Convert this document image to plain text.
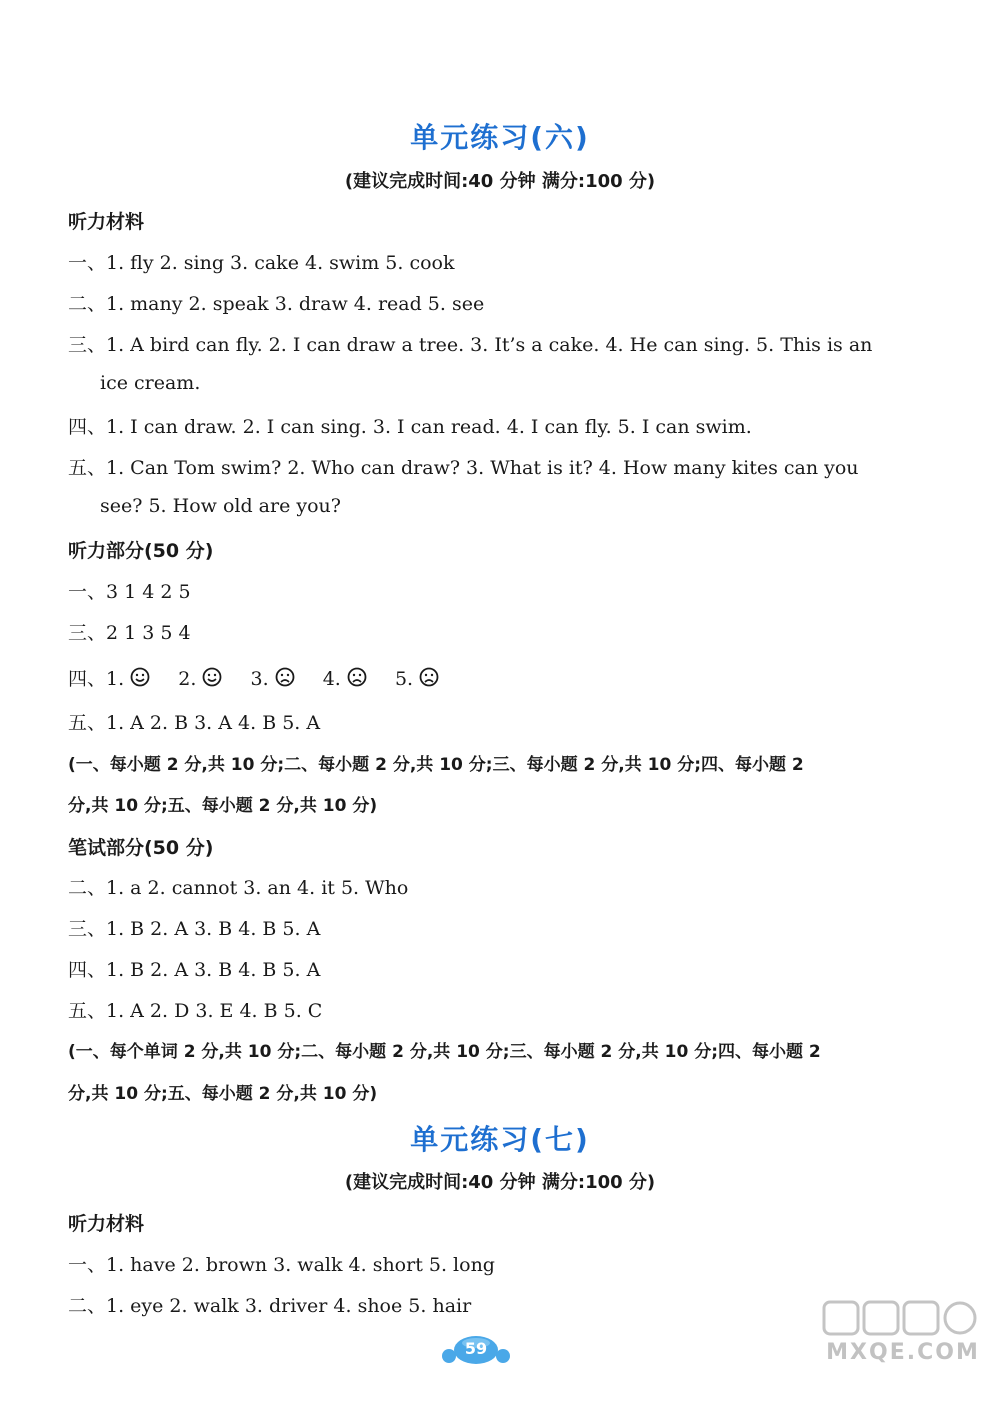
单元练习(六)
(建议完成时间:40 分钟 满分:100 分)
听力材料
一、1. fly 2. sing 3. cake 4. swim 5. cook
二、1. many 2. speak 3. draw 4. read 5. see
三、1. A bird can fly. 2. I can draw a tree. 3. It’s a cake. 4. He can sing. 5. This is an
ice cream.
四、1. I can draw. 2. I can sing. 3. I can read. 4. I can fly. 5. I can swim.
五、1. Can Tom swim? 2. Who can draw? 3. What is it? 4. How many kites can you
see? 5. How old are you?
听力部分(50 分)
一、3 1 4 2 5
三、2 1 3 5 4
四、1.	2.	3.	4.	5.
五、1. A 2. B 3. A 4. B 5. A
(一、每小题 2 分,共 10 分;二、每小题 2 分,共 10 分;三、每小题 2 分,共 10 分;四、每小题 2
分,共 10 分;五、每小题 2 分,共 10 分)
笔试部分(50 分)
二、1. a 2. cannot 3. an 4. it 5. Who
三、1. B 2. A 3. B 4. B 5. A
四、1. B 2. A 3. B 4. B 5. A
五、1. A 2. D 3. E 4. B 5. C
(一、每个单词 2 分,共 10 分;二、每小题 2 分,共 10 分;三、每小题 2 分,共 10 分;四、每小题 2
分,共 10 分;五、每小题 2 分,共 10 分)
单元练习(七)
(建议完成时间:40 分钟 满分:100 分)
听力材料
一、1. have 2. brown 3. walk 4. short 5. long
二、1. eye 2. walk 3. driver 4. shoe 5. hair
59	MXQE.COM
